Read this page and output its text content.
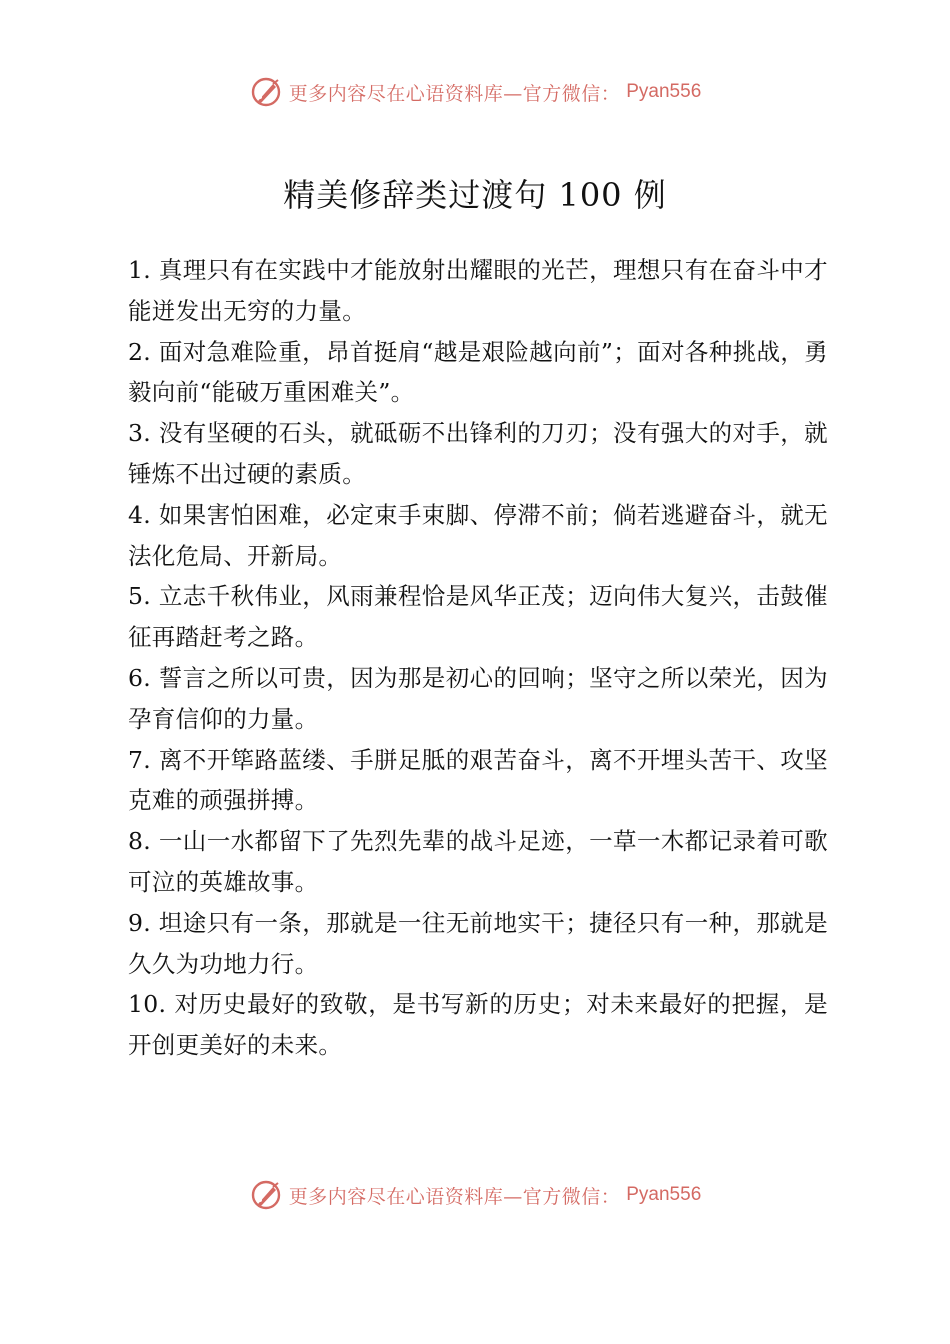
更多内容尽在心语资料库—官方微信： Pyan556
精美修辞类过渡句 100 例

1. 真理只有在实践中才能放射出耀眼的光芒，理想只有在奋斗中才能迸发出无穷的力量。

2. 面对急难险重，昂首挺肩“越是艰险越向前”；面对各种挑战，勇毅向前“能破万重困难关”。

3. 没有坚硬的石头，就砥砺不出锋利的刀刃；没有强大的对手，就锤炼不出过硬的素质。

4. 如果害怕困难，必定束手束脚、停滞不前；倘若逃避奋斗，就无法化危局、开新局。

5. 立志千秋伟业，风雨兼程恰是风华正茂；迈向伟大复兴，击鼓催征再踏赶考之路。

6. 誓言之所以可贵，因为那是初心的回响；坚守之所以荣光，因为孕育信仰的力量。

7. 离不开筚路蓝缕、手胼足胝的艰苦奋斗，离不开埋头苦干、攻坚克难的顽强拼搏。

8. 一山一水都留下了先烈先辈的战斗足迹，一草一木都记录着可歌可泣的英雄故事。

9. 坦途只有一条，那就是一往无前地实干；捷径只有一种，那就是久久为功地力行。

10. 对历史最好的致敬，是书写新的历史；对未来最好的把握，是开创更美好的未来。

更多内容尽在心语资料库—官方微信： Pyan556
